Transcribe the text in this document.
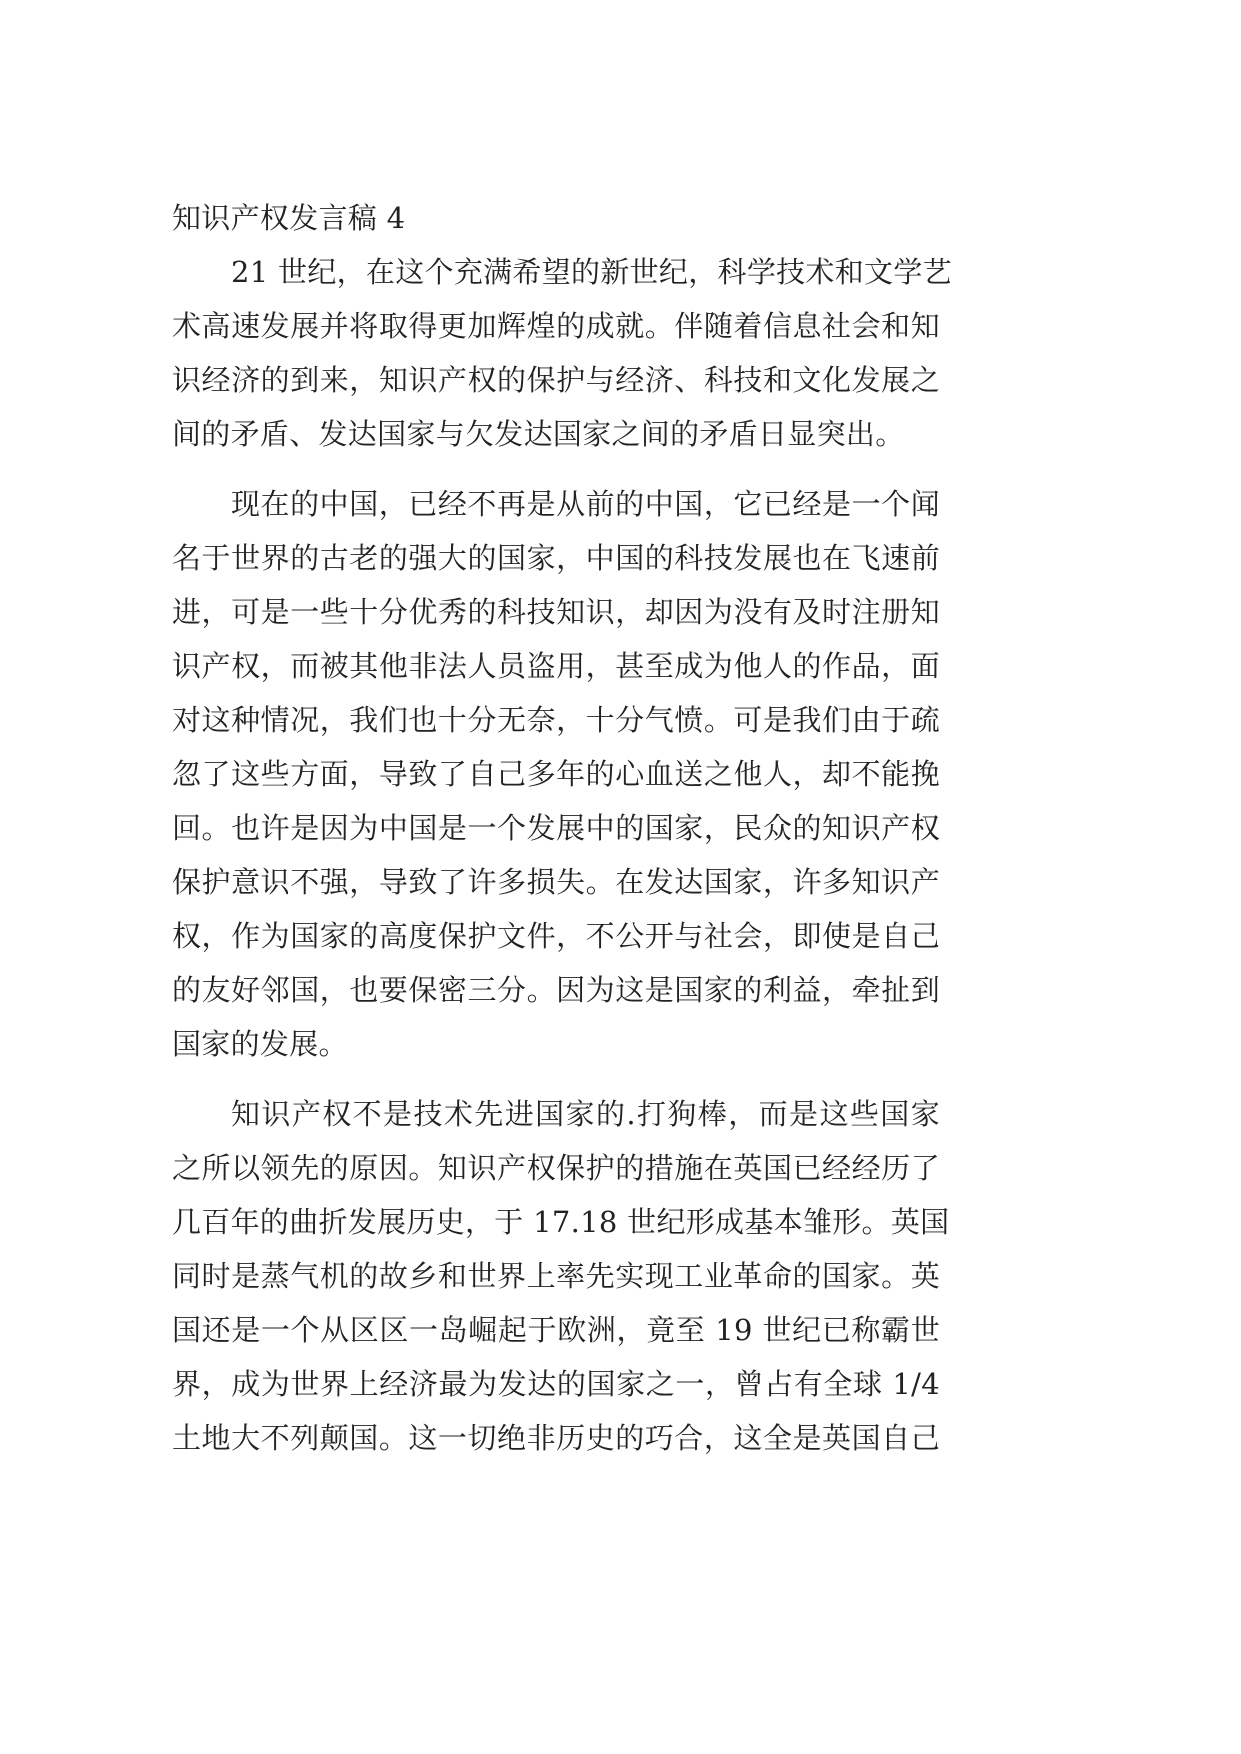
知识产权发言稿 4
21 世纪，在这个充满希望的新世纪，科学技术和文学艺
术高速发展并将取得更加辉煌的成就。伴随着信息社会和知
识经济的到来，知识产权的保护与经济、科技和文化发展之
间的矛盾、发达国家与欠发达国家之间的矛盾日显突出。
现在的中国，已经不再是从前的中国，它已经是一个闻
名于世界的古老的强大的国家，中国的科技发展也在飞速前
进，可是一些十分优秀的科技知识，却因为没有及时注册知
识产权，而被其他非法人员盗用，甚至成为他人的作品，面
对这种情况，我们也十分无奈，十分气愤。可是我们由于疏
忽了这些方面，导致了自己多年的心血送之他人，却不能挽
回。也许是因为中国是一个发展中的国家，民众的知识产权
保护意识不强，导致了许多损失。在发达国家，许多知识产
权，作为国家的高度保护文件，不公开与社会，即使是自己
的友好邻国，也要保密三分。因为这是国家的利益，牵扯到
国家的发展。
知识产权不是技术先进国家的.打狗棒，而是这些国家
之所以领先的原因。知识产权保护的措施在英国已经经历了
几百年的曲折发展历史，于 17.18 世纪形成基本雏形。英国
同时是蒸气机的故乡和世界上率先实现工业革命的国家。英
国还是一个从区区一岛崛起于欧洲，竟至 19 世纪已称霸世
界，成为世界上经济最为发达的国家之一，曾占有全球 1/4
土地大不列颠国。这一切绝非历史的巧合，这全是英国自己
